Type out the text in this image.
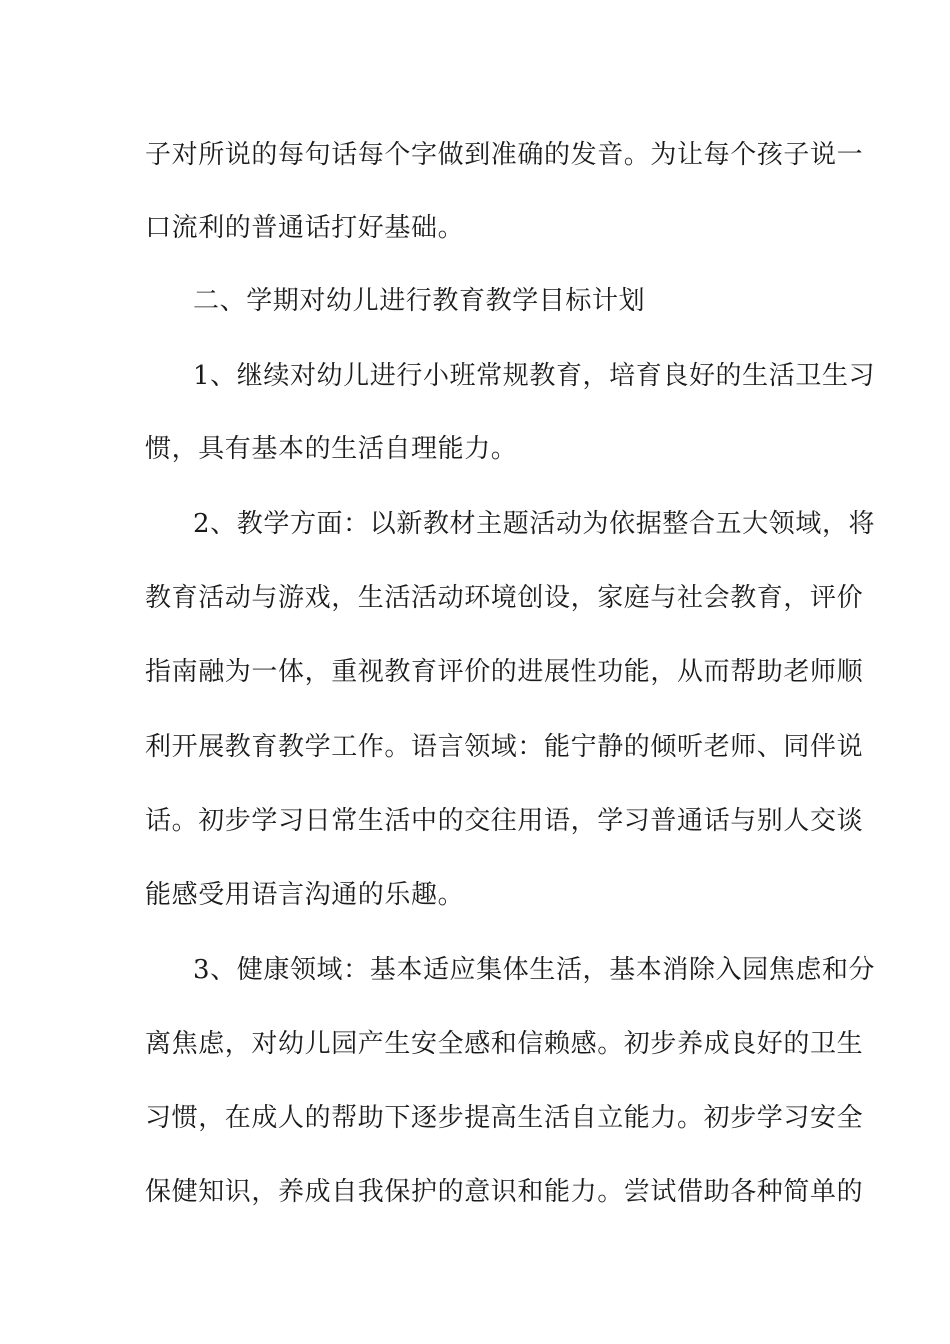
子对所说的每句话每个字做到准确的发音。为让每个孩子说一
口流利的普通话打好基础。
二、学期对幼儿进行教育教学目标计划
1、继续对幼儿进行小班常规教育，培育良好的生活卫生习
惯，具有基本的生活自理能力。
2、教学方面：以新教材主题活动为依据整合五大领域，将
教育活动与游戏，生活活动环境创设，家庭与社会教育，评价
指南融为一体，重视教育评价的进展性功能，从而帮助老师顺
利开展教育教学工作。语言领域：能宁静的倾听老师、同伴说
话。初步学习日常生活中的交往用语，学习普通话与别人交谈
能感受用语言沟通的乐趣。
3、健康领域：基本适应集体生活，基本消除入园焦虑和分
离焦虑，对幼儿园产生安全感和信赖感。初步养成良好的卫生
习惯，在成人的帮助下逐步提高生活自立能力。初步学习安全
保健知识，养成自我保护的意识和能力。尝试借助各种简单的
